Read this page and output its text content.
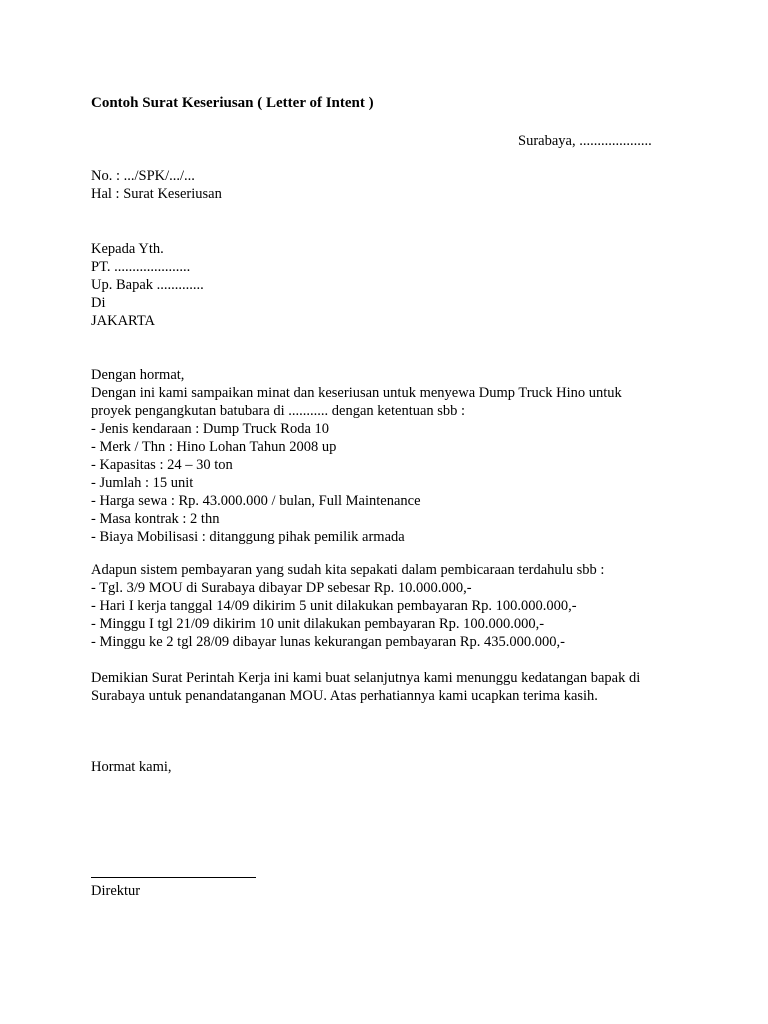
Contoh Surat Keseriusan ( Letter of Intent )
Surabaya, ....................
No. : .../SPK/.../...
Hal : Surat Keseriusan
Kepada Yth.
PT. .....................
Up. Bapak .............
Di
JAKARTA
Dengan hormat,
Dengan ini kami sampaikan minat dan keseriusan untuk menyewa Dump Truck Hino untuk
proyek pengangkutan batubara di ........... dengan ketentuan sbb :
- Jenis kendaraan : Dump Truck Roda 10
- Merk / Thn : Hino Lohan Tahun 2008 up
- Kapasitas : 24 – 30 ton
- Jumlah : 15 unit
- Harga sewa : Rp. 43.000.000 / bulan, Full Maintenance
- Masa kontrak : 2 thn
- Biaya Mobilisasi : ditanggung pihak pemilik armada
Adapun sistem pembayaran yang sudah kita sepakati dalam pembicaraan terdahulu sbb :
- Tgl. 3/9 MOU di Surabaya dibayar DP sebesar Rp. 10.000.000,-
- Hari I kerja tanggal 14/09 dikirim 5 unit dilakukan pembayaran Rp. 100.000.000,-
- Minggu I tgl 21/09 dikirim 10 unit dilakukan pembayaran Rp. 100.000.000,-
- Minggu ke 2 tgl 28/09 dibayar lunas kekurangan pembayaran Rp. 435.000.000,-
Demikian Surat Perintah Kerja ini kami buat selanjutnya kami menunggu kedatangan bapak di
Surabaya untuk penandatanganan MOU. Atas perhatiannya kami ucapkan terima kasih.
Hormat kami,
Direktur
